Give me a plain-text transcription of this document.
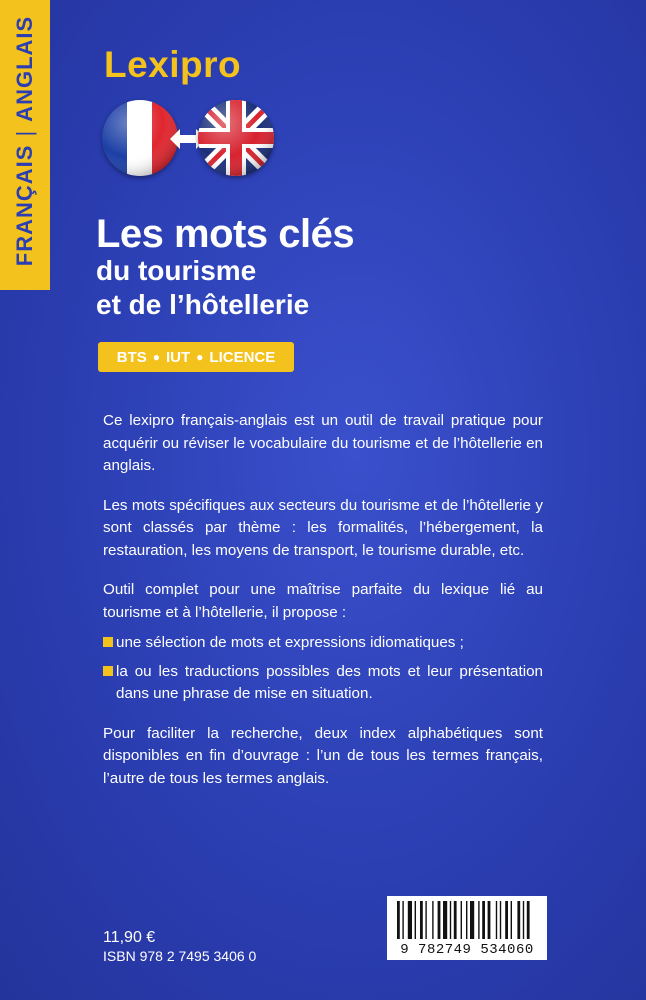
FRANÇAIS
|
ANGLAIS Lexipro
Les mots clés
du tourisme
et de l’hôtellerie
BTS ● IUT ● LICENCE

Ce lexipro français-anglais est un outil de travail pratique pour acquérir ou réviser le vocabulaire du tourisme et de l’hôtellerie en anglais.

Les mots spécifiques aux secteurs du tourisme et de l’hôtellerie y sont classés par thème : les formalités, l’hébergement, la restauration, les moyens de transport, le tourisme durable, etc.

Outil complet pour une maîtrise parfaite du lexique lié au tourisme et à l’hôtellerie, il propose :

une sélection de mots et expressions idiomatiques ;
la ou les traductions possibles des mots et leur présentation dans une phrase de mise en situation.

Pour faciliter la recherche, deux index alphabétiques sont disponibles en fin d’ouvrage : l’un de tous les termes français, l’autre de tous les termes anglais.

11,90 €
ISBN 978 2 7495 3406 0	9 782749 534060
